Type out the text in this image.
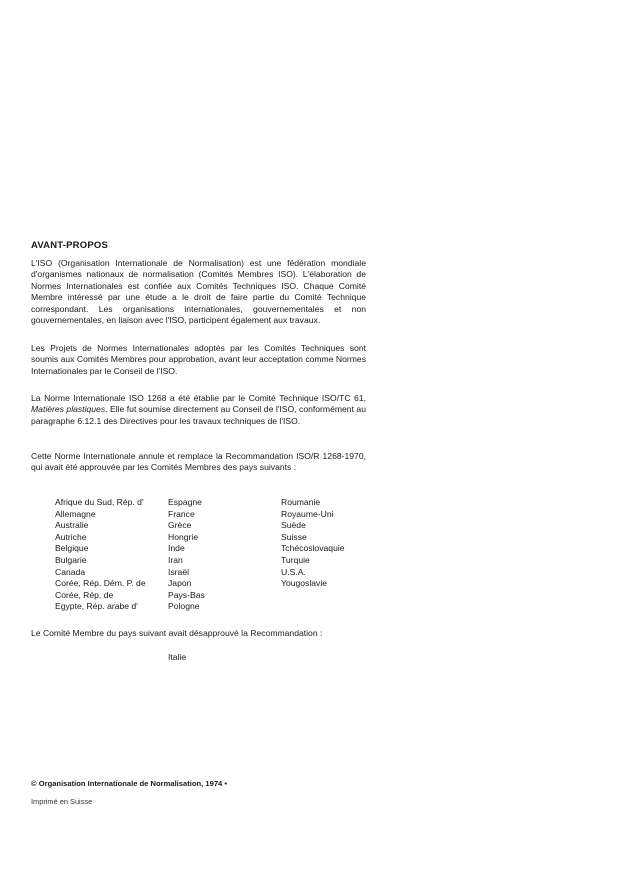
AVANT-PROPOS
L'ISO (Organisation Internationale de Normalisation) est une fédération mondiale d'organismes nationaux de normalisation (Comités Membres ISO). L'élaboration de Normes Internationales est confiée aux Comités Techniques ISO. Chaque Comité Membre intéressé par une étude a le droit de faire partie du Comité Technique correspondant. Les organisations internationales, gouvernementales et non gouvernementales, en liaison avec l'ISO, participent également aux travaux.
Les Projets de Normes Internationales adoptés par les Comités Techniques sont soumis aux Comités Membres pour approbation, avant leur acceptation comme Normes Internationales par le Conseil de l'ISO.
La Norme Internationale ISO 1268 a été établie par le Comité Technique ISO/TC 61, Matières plastiques. Elle fut soumise directement au Conseil de l'ISO, conformément au paragraphe 6.12.1 des Directives pour les travaux techniques de l'ISO.
Cette Norme Internationale annule et remplace la Recommandation ISO/R 1268-1970, qui avait été approuvée par les Comités Membres des pays suivants :
Afrique du Sud, Rép. d'
Allemagne
Australie
Autriche
Belgique
Bulgarie
Canada
Corée, Rép. Dém. P. de
Corée, Rép. de
Egypte, Rép. arabe d'
Espagne
France
Grèce
Hongrie
Inde
Iran
Israël
Japon
Pays-Bas
Pologne
Roumanie
Royaume-Uni
Suède
Suisse
Tchécoslovaquie
Turquie
U.S.A.
Yougoslavie
Le Comité Membre du pays suivant avait désapprouvé la Recommandation :
Italie
© Organisation Internationale de Normalisation, 1974 •
Imprimé en Suisse
